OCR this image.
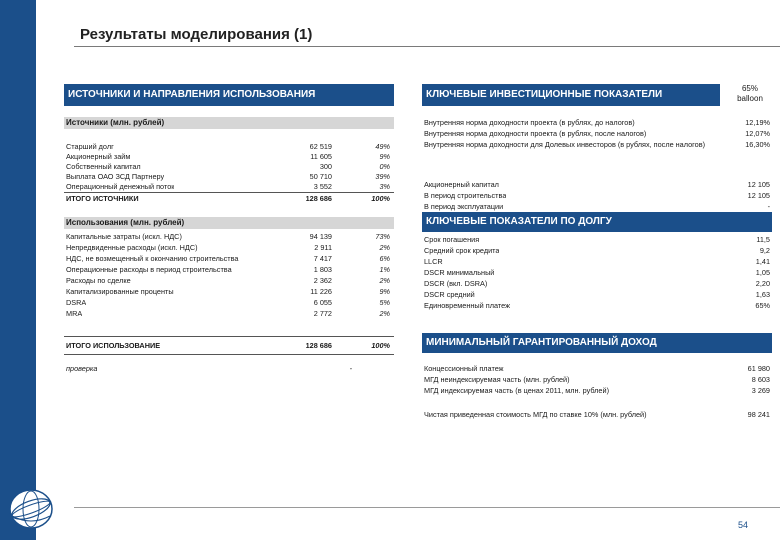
Результаты моделирования (1)
ИСТОЧНИКИ И НАПРАВЛЕНИЯ ИСПОЛЬЗОВАНИЯ
Источники (млн. рублей)
Старший долг	62 519	49%
Акционерный займ	11 605	9%
Собственный капитал	300	0%
Выплата ОАО ЗСД Партнеру	50 710	39%
Операционный денежный поток	3 552	3%
ИТОГО ИСТОЧНИКИ	128 686	100%
Использования (млн. рублей)
Капитальные затраты (искл. НДС)	94 139	73%
Непредвиденные расходы (искл. НДС)	2 911	2%
НДС, не возмещенный к окончанию строительства	7 417	6%
Операционные расходы в период строительства	1 803	1%
Расходы по сделке	2 362	2%
Капитализированные проценты	11 226	9%
DSRA	6 055	5%
MRA	2 772	2%
ИТОГО ИСПОЛЬЗОВАНИЕ	128 686	100%
проверка	-
КЛЮЧЕВЫЕ ИНВЕСТИЦИОННЫЕ ПОКАЗАТЕЛИ
65%
balloon
Внутренняя норма доходности проекта (в рублях, до налогов)	12,19%
Внутренняя норма доходности проекта (в рублях, после налогов)	12,07%
Внутренняя норма доходности для Долевых инвесторов (в рублях, после налогов)	16,30%
Акционерный капитал	12 105
В период строительства	12 105
В период эксплуатации	-
КЛЮЧЕВЫЕ ПОКАЗАТЕЛИ ПО ДОЛГУ
Срок погашения	11,5
Средний срок кредита	9,2
LLCR	1,41
DSCR минимальный	1,05
DSCR (вкл. DSRA)	2,20
DSCR средний	1,63
Единовременный платеж	65%
МИНИМАЛЬНЫЙ ГАРАНТИРОВАННЫЙ ДОХОД
Концессионный платеж	61 980
МГД неиндексируемая часть (млн. рублей)	8 603
МГД индексируемая часть (в ценах 2011, млн. рублей)	3 269
Чистая приведенная стоимость МГД по ставке 10% (млн. рублей)	98 241
54
